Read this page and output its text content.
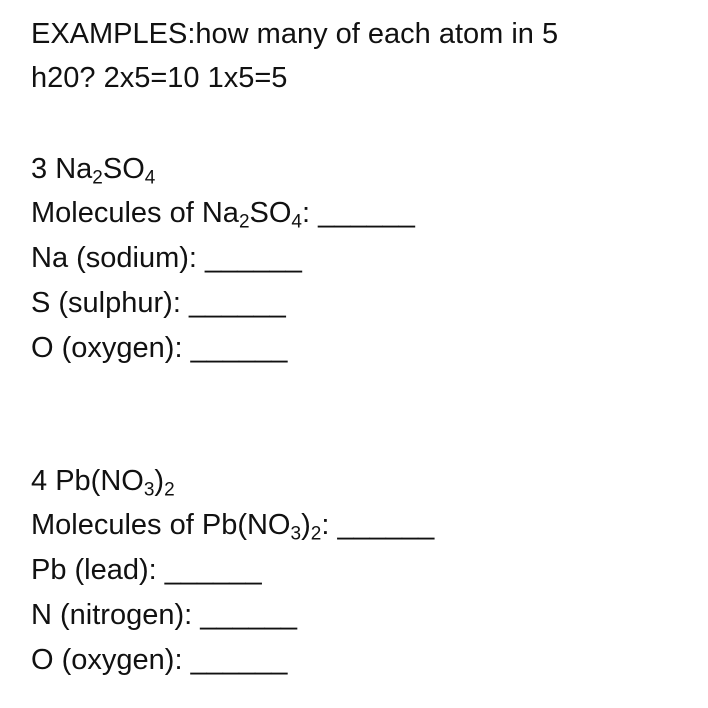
EXAMPLES:how many of each atom in 5
h20? 2x5=10 1x5=5
3 $Na_2SO_4$
Molecules of $Na_2SO_4$: ______
Na (sodium): ______
S (sulphur): ______
O (oxygen): ______
4 $Pb(NO_3)_2$
Molecules of $Pb(NO_3)_2$: ______
Pb (lead): ______
N (nitrogen): ______
O (oxygen): ______
